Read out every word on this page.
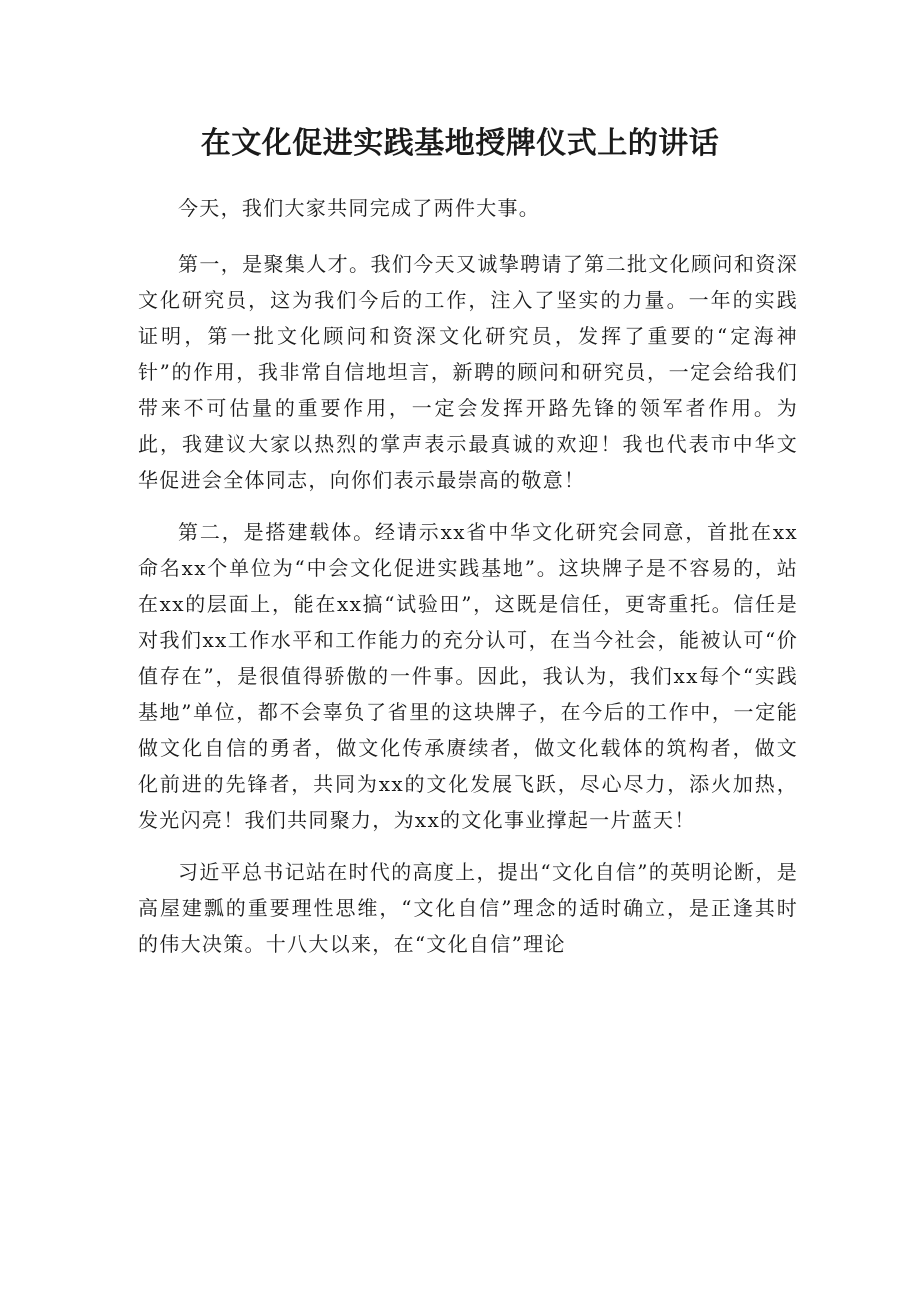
在文化促进实践基地授牌仪式上的讲话

今天，我们大家共同完成了两件大事。

第一，是聚集人才。我们今天又诚挚聘请了第二批文化顾问和资深文化研究员，这为我们今后的工作，注入了坚实的力量。一年的实践证明，第一批文化顾问和资深文化研究员，发挥了重要的“定海神针”的作用，我非常自信地坦言，新聘的顾问和研究员，一定会给我们带来不可估量的重要作用，一定会发挥开路先锋的领军者作用。为此，我建议大家以热烈的掌声表示最真诚的欢迎！我也代表市中华文华促进会全体同志，向你们表示最崇高的敬意！

第二，是搭建载体。经请示xx省中华文化研究会同意，首批在xx命名xx个单位为“中会文化促进实践基地”。这块牌子是不容易的，站在xx的层面上，能在xx搞“试验田”，这既是信任，更寄重托。信任是对我们xx工作水平和工作能力的充分认可，在当今社会，能被认可“价值存在”，是很值得骄傲的一件事。因此，我认为，我们xx每个“实践基地”单位，都不会辜负了省里的这块牌子，在今后的工作中，一定能做文化自信的勇者，做文化传承赓续者，做文化载体的筑构者，做文化前进的先锋者，共同为xx的文化发展飞跃，尽心尽力，添火加热，发光闪亮！我们共同聚力，为xx的文化事业撑起一片蓝天！

习近平总书记站在时代的高度上，提出“文化自信”的英明论断，是高屋建瓢的重要理性思维，“文化自信”理念的适时确立，是正逢其时的伟大决策。十八大以来，在“文化自信”理论
